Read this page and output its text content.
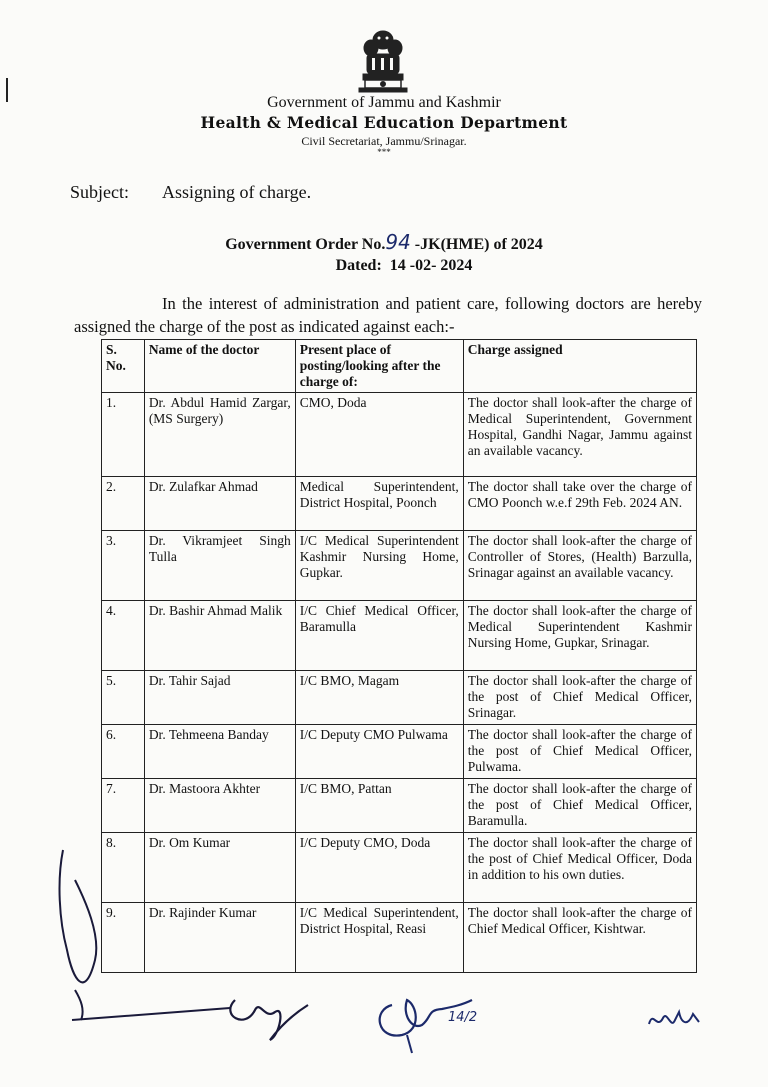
Government of Jammu and Kashmir
Health & Medical Education Department
Civil Secretariat, Jammu/Srinagar.
***
Subject: Assigning of charge.
Government Order No.94 -JK(HME) of 2024
Dated:  14 -02- 2024
In the interest of administration and patient care, following doctors are hereby assigned the charge of the post as indicated against each:-
S. No.	Name of the doctor	Present place of posting/looking after the charge of:	Charge assigned
1.	Dr. Abdul Hamid Zargar, (MS Surgery)	CMO, Doda	The doctor shall look-after the charge of Medical Superintendent, Government Hospital, Gandhi Nagar, Jammu against an available vacancy.
2.	Dr. Zulafkar Ahmad	Medical Superintendent, District Hospital, Poonch	The doctor shall take over the charge of CMO Poonch w.e.f 29th Feb. 2024 AN.
3.	Dr. Vikramjeet Singh Tulla	I/C Medical Superintendent Kashmir Nursing Home, Gupkar.	The doctor shall look-after the charge of Controller of Stores, (Health) Barzulla, Srinagar against an available vacancy.
4.	Dr. Bashir Ahmad Malik	I/C Chief Medical Officer, Baramulla	The doctor shall look-after the charge of Medical Superintendent Kashmir Nursing Home, Gupkar, Srinagar.
5.	Dr. Tahir Sajad	I/C BMO, Magam	The doctor shall look-after the charge of the post of Chief Medical Officer, Srinagar.
6.	Dr. Tehmeena Banday	I/C Deputy CMO Pulwama	The doctor shall look-after the charge of the post of Chief Medical Officer, Pulwama.
7.	Dr. Mastoora Akhter	I/C BMO, Pattan	The doctor shall look-after the charge of the post of Chief Medical Officer, Baramulla.
8.	Dr. Om Kumar	I/C Deputy CMO, Doda	The doctor shall look-after the charge of the post of Chief Medical Officer, Doda in addition to his own duties.
9.	Dr. Rajinder Kumar	I/C Medical Superintendent, District Hospital, Reasi	The doctor shall look-after the charge of Chief Medical Officer, Kishtwar.
14/2
